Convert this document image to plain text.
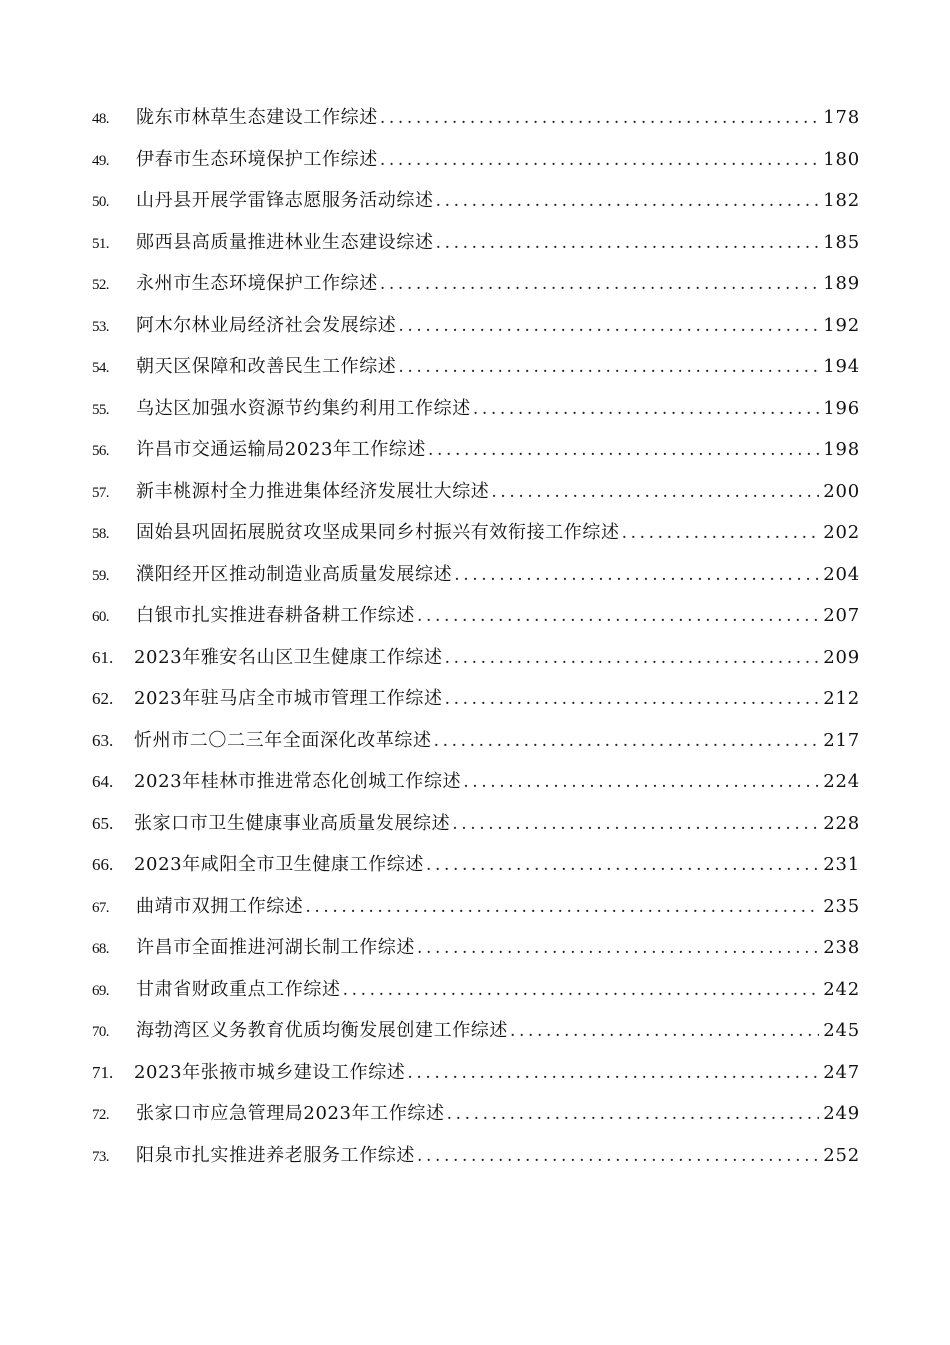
48.	陇东市林草生态建设工作综述 .....	178
49.	伊春市生态环境保护工作综述 .....	180
50.	山丹县开展学雷锋志愿服务活动综述 .....	182
51.	郧西县高质量推进林业生态建设综述 .....	185
52.	永州市生态环境保护工作综述 .....	189
53.	阿木尔林业局经济社会发展综述 .....	192
54.	朝天区保障和改善民生工作综述 .....	194
55.	乌达区加强水资源节约集约利用工作综述 .....	196
56.	许昌市交通运输局2023年工作综述 .....	198
57.	新丰桃源村全力推进集体经济发展壮大综述 .....	200
58.	固始县巩固拓展脱贫攻坚成果同乡村振兴有效衔接工作综述 .....	202
59.	濮阳经开区推动制造业高质量发展综述 .....	204
60.	白银市扎实推进春耕备耕工作综述 .....	207
61.	2023年雅安名山区卫生健康工作综述 .....	209
62.	2023年驻马店全市城市管理工作综述 .....	212
63.	忻州市二〇二三年全面深化改革综述 .....	217
64.	2023年桂林市推进常态化创城工作综述 .....	224
65.	张家口市卫生健康事业高质量发展综述 .....	228
66.	2023年咸阳全市卫生健康工作综述 .....	231
67.	曲靖市双拥工作综述 .....	235
68.	许昌市全面推进河湖长制工作综述 .....	238
69.	甘肃省财政重点工作综述 .....	242
70.	海勃湾区义务教育优质均衡发展创建工作综述 .....	245
71.	2023年张掖市城乡建设工作综述 .....	247
72.	张家口市应急管理局2023年工作综述 .....	249
73.	阳泉市扎实推进养老服务工作综述 .....	252
